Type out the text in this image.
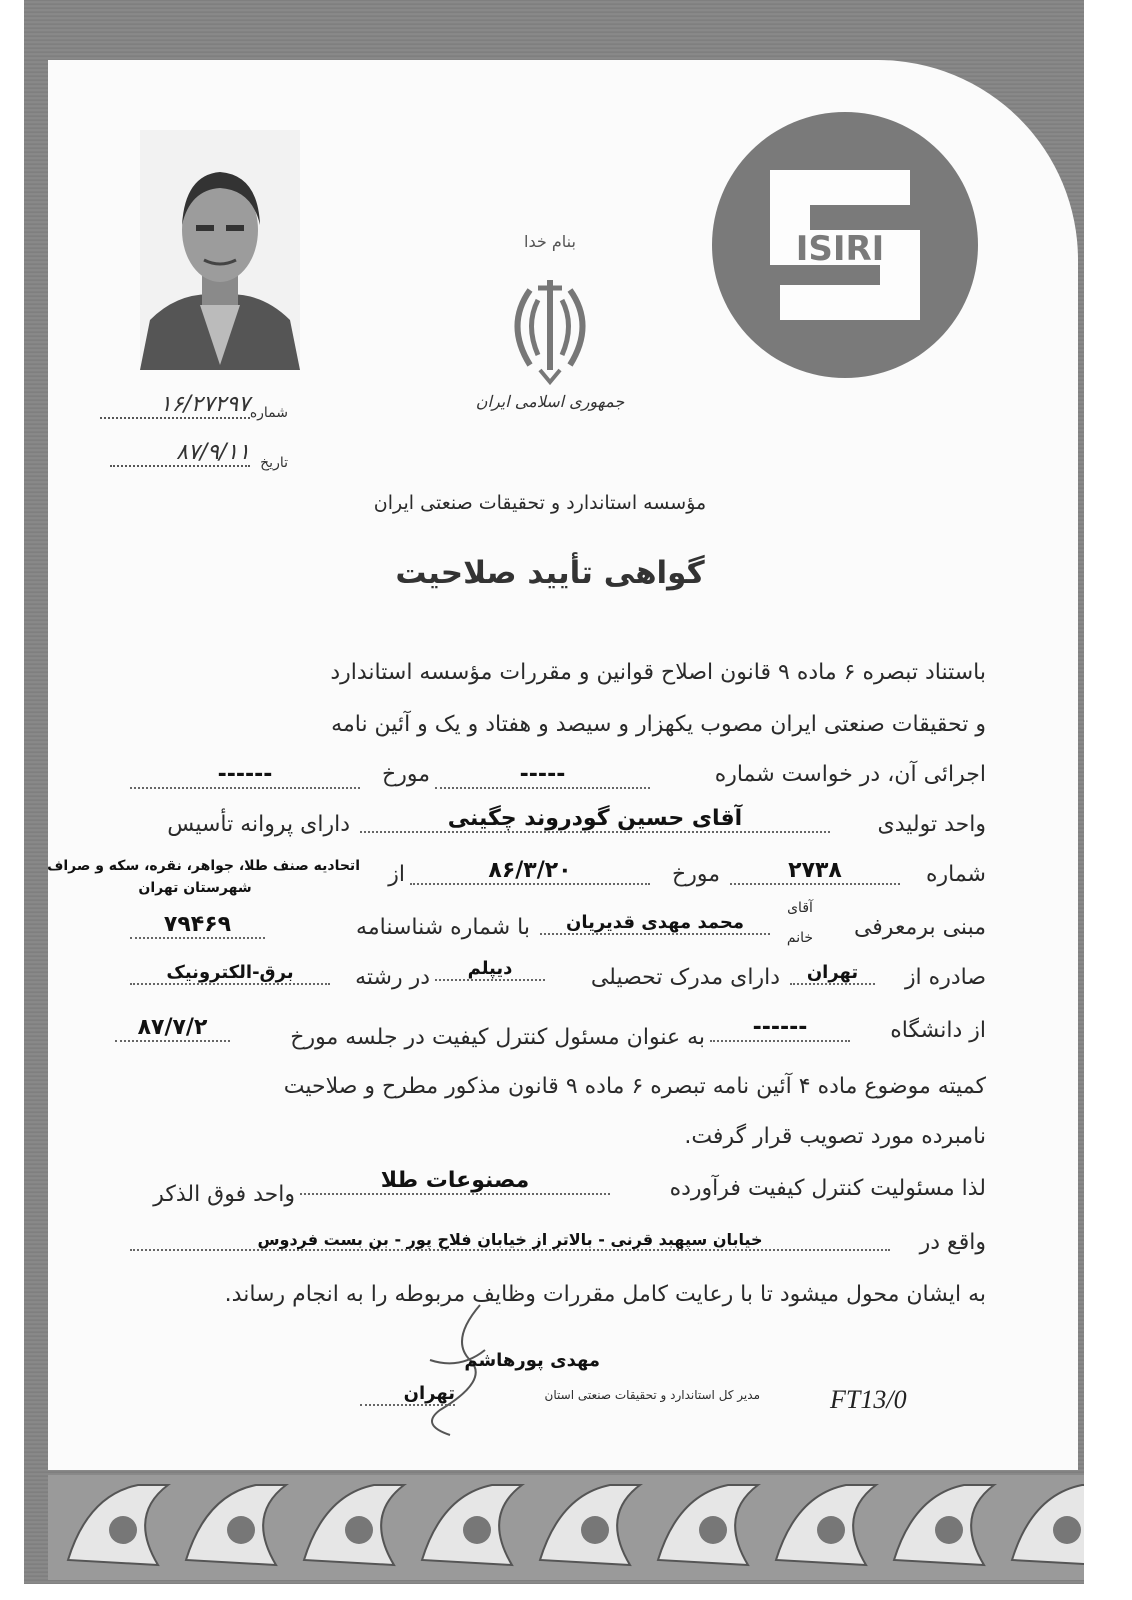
ISIRI
بنام خدا
جمهوری اسلامی ایران
شماره
۱۶/۲۷۲۹۷
تاریخ
۸۷/۹/۱۱
مؤسسه استاندارد و تحقیقات صنعتی ایران
گواهی تأیید صلاحیت
باستناد تبصره ۶ ماده ۹ قانون اصلاح قوانین و مقررات مؤسسه استاندارد
و تحقیقات صنعتی ایران مصوب یکهزار و سیصد و هفتاد و یک و آئین نامه
اجرائی آن، در خواست شماره
-----
مورخ
------
واحد تولیدی
آقای حسین گودروند چگینی
دارای پروانه تأسیس
شماره
۲۷۳۸
مورخ
۸۶/۳/۲۰
از
اتحادیه صنف طلا، جواهر، نقره، سکه و صراف
شهرستان تهران
مبنی برمعرفی
آقای
خانم
محمد مهدی قدیریان
با شماره شناسنامه
۷۹۴۶۹
صادره از
تهران
دارای مدرک تحصیلی
دیپلم
در رشته
برق-الکترونیک
از دانشگاه
------
به عنوان مسئول کنترل کیفیت در جلسه مورخ
۸۷/۷/۲
کمیته موضوع ماده ۴ آئین نامه تبصره ۶ ماده ۹ قانون مذکور مطرح و صلاحیت
نامبرده مورد تصویب قرار گرفت.
لذا مسئولیت کنترل کیفیت فرآورده
مصنوعات طلا
واحد فوق الذکر
واقع در
خیابان سپهبد قرنی - بالاتر از خیابان فلاح پور - بن بست فردوس
به ایشان محول میشود تا با رعایت کامل مقررات وظایف مربوطه را به انجام رساند.
مهدی پورهاشم
مدیر کل استاندارد و تحقیقات صنعتی استان
تهران	FT13/0
